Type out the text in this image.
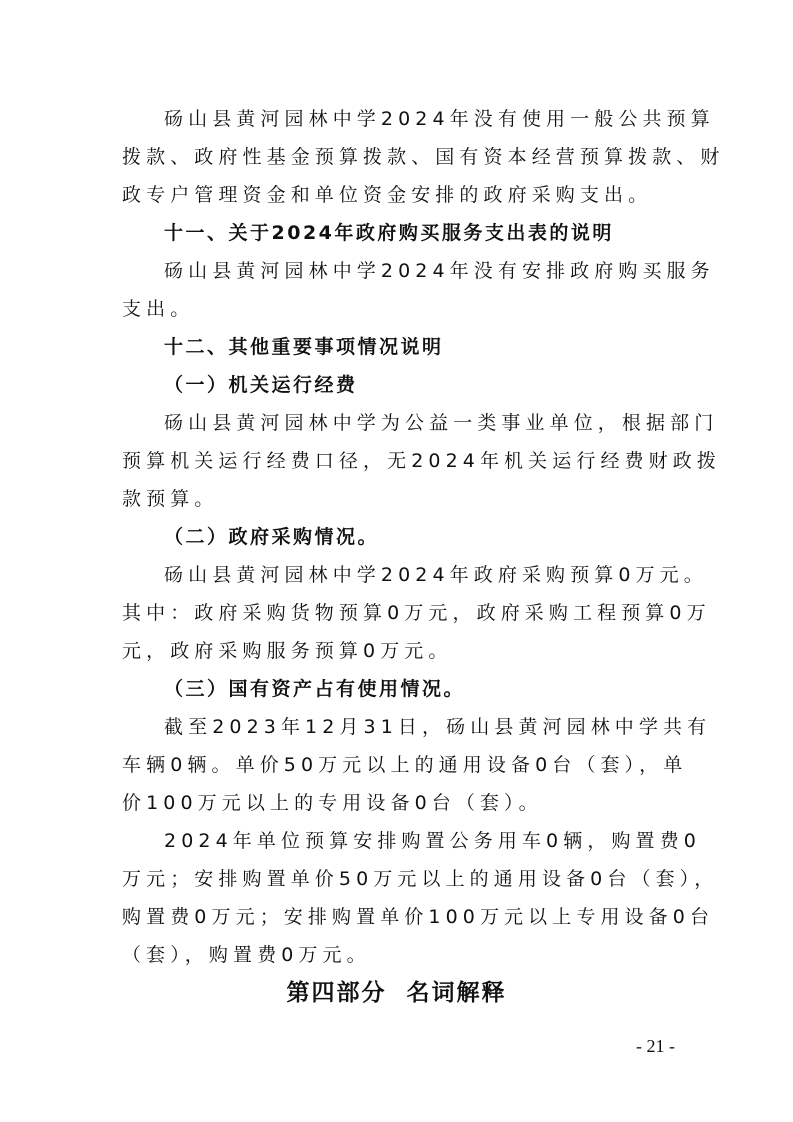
砀山县黄河园林中学2024年没有使用一般公共预算
拨款、政府性基金预算拨款、国有资本经营预算拨款、财
政专户管理资金和单位资金安排的政府采购支出。
十一、关于2024年政府购买服务支出表的说明
砀山县黄河园林中学2024年没有安排政府购买服务
支出。
十二、其他重要事项情况说明
（一）机关运行经费
砀山县黄河园林中学为公益一类事业单位，根据部门
预算机关运行经费口径，无2024年机关运行经费财政拨
款预算。
（二）政府采购情况。
砀山县黄河园林中学2024年政府采购预算0万元。
其中：政府采购货物预算0万元，政府采购工程预算0万
元，政府采购服务预算0万元。
（三）国有资产占有使用情况。
截至2023年12月31日，砀山县黄河园林中学共有
车辆0辆。单价50万元以上的通用设备0台（套），单
价100万元以上的专用设备0台（套）。
2024年单位预算安排购置公务用车0辆，购置费0
万元；安排购置单价50万元以上的通用设备0台（套），
购置费0万元；安排购置单价100万元以上专用设备0台
（套），购置费0万元。
第四部分  名词解释
- 21 -
